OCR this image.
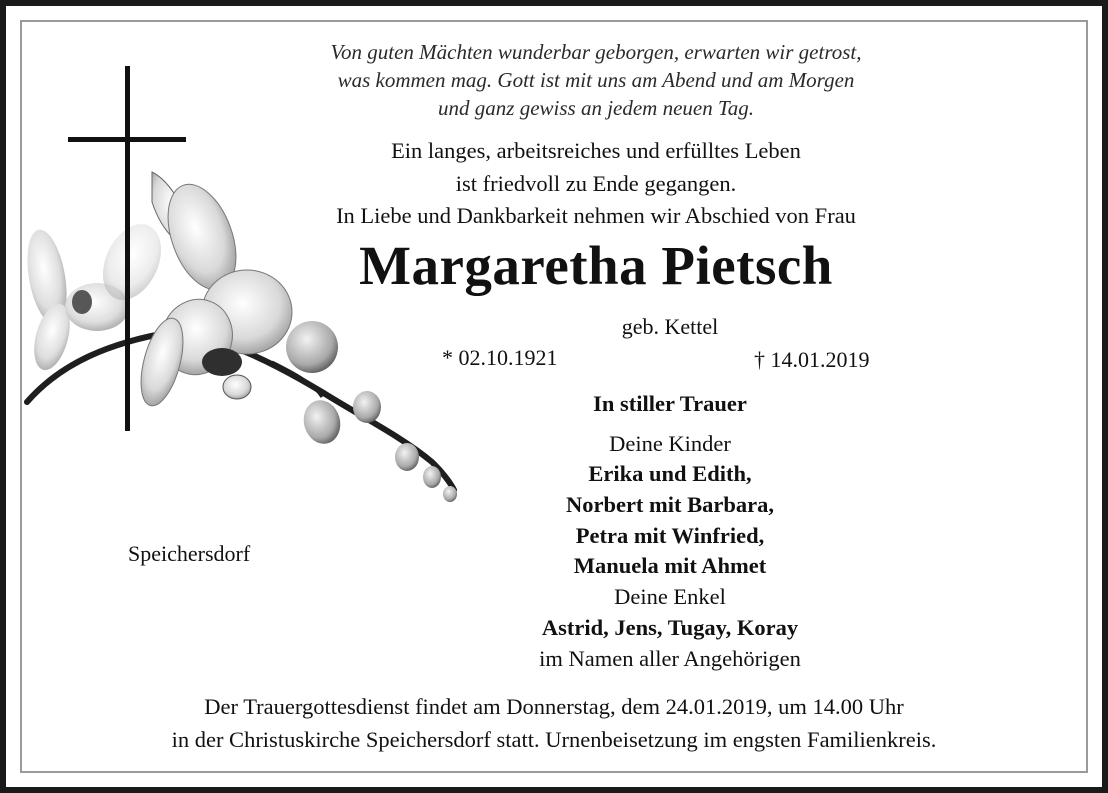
Von guten Mächten wunderbar geborgen, erwarten wir getrost,
was kommen mag. Gott ist mit uns am Abend und am Morgen
und ganz gewiss an jedem neuen Tag.
Ein langes, arbeitsreiches und erfülltes Leben
ist friedvoll zu Ende gegangen.
In Liebe und Dankbarkeit nehmen wir Abschied von Frau
Margaretha Pietsch
geb. Kettel
* 02.10.1921	† 14.01.2019
Speichersdorf
In stiller Trauer
Deine Kinder
Erika und Edith,
Norbert mit Barbara,
Petra mit Winfried,
Manuela mit Ahmet
Deine Enkel
Astrid, Jens, Tugay, Koray
im Namen aller Angehörigen
Der Trauergottesdienst findet am Donnerstag, dem 24.01.2019, um 14.00 Uhr
in der Christuskirche Speichersdorf statt. Urnenbeisetzung im engsten Familienkreis.
